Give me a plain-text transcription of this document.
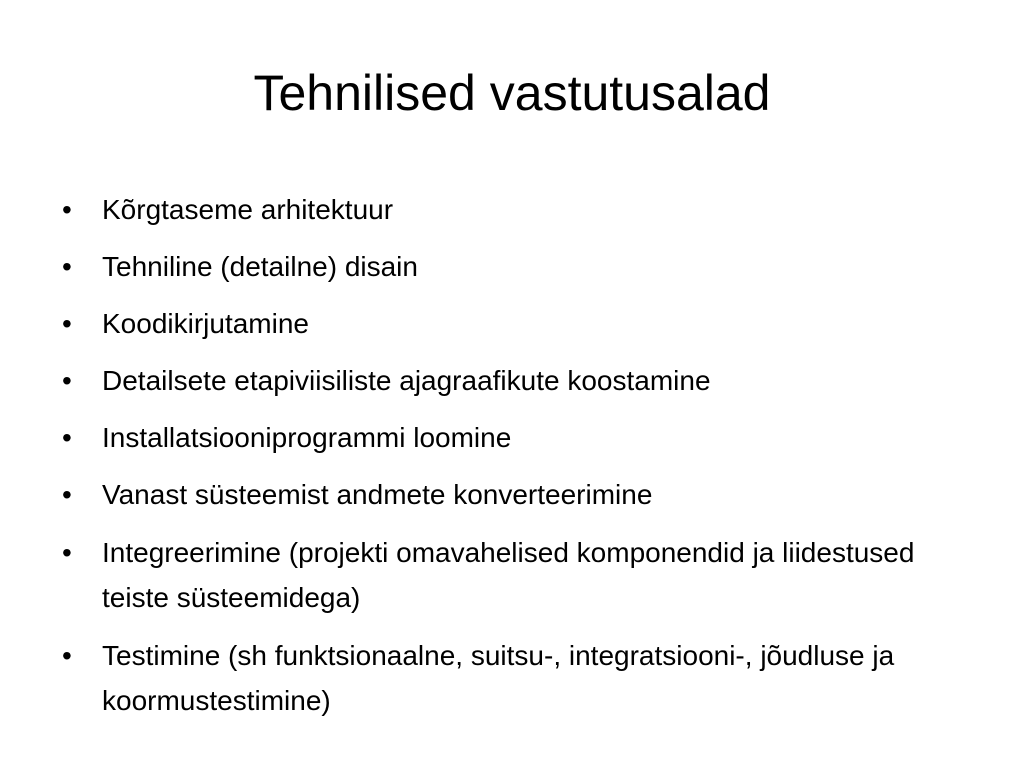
Tehnilised vastutusalad
•	Kõrgtaseme arhitektuur
•	Tehniline (detailne) disain
•	Koodikirjutamine
•	Detailsete etapiviisiliste ajagraafikute koostamine
•	Installatsiooniprogrammi loomine
•	Vanast süsteemist andmete konverteerimine
•	Integreerimine (projekti omavahelised komponendid ja liidestused teiste süsteemidega)
•	Testimine (sh funktsionaalne, suitsu-, integratsiooni-, jõudluse ja koormustestimine)
